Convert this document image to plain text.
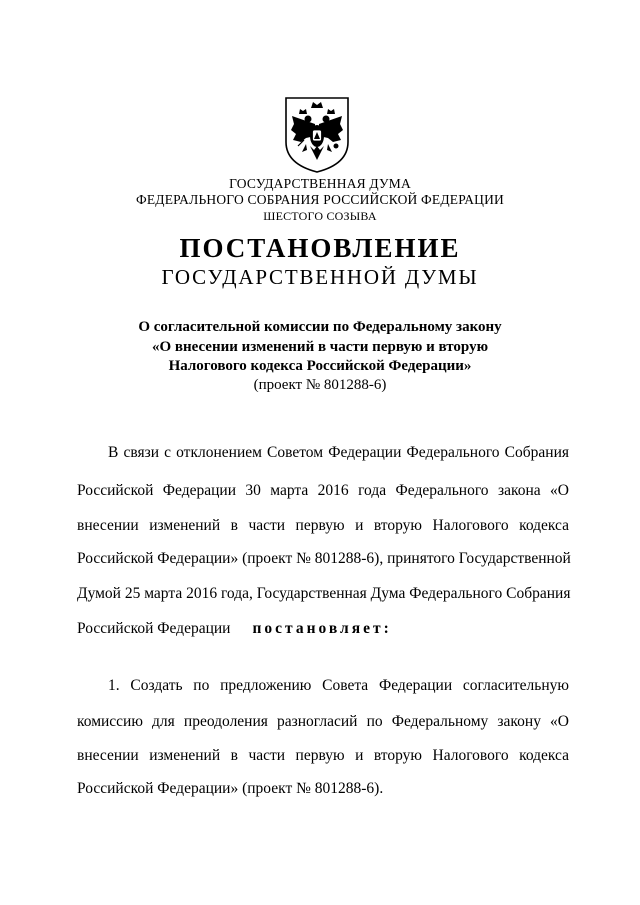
ГОСУДАРСТВЕННАЯ ДУМА
ФЕДЕРАЛЬНОГО СОБРАНИЯ РОССИЙСКОЙ ФЕДЕРАЦИИ
ШЕСТОГО СОЗЫВА
ПОСТАНОВЛЕНИЕ
ГОСУДАРСТВЕННОЙ ДУМЫ
О согласительной комиссии по Федеральному закону
«О внесении изменений в части первую и вторую
Налогового кодекса Российской Федерации»
(проект № 801288-6)
В связи с отклонением Советом Федерации Федерального Собрания
Российской Федерации 30 марта 2016 года Федерального закона «О
внесении изменений в части первую и вторую Налогового кодекса
Российской Федерации» (проект № 801288-6), принятого Государственной
Думой 25 марта 2016 года, Государственная Дума Федерального Собрания
Российской Федерации постановляет:
1. Создать по предложению Совета Федерации согласительную
комиссию для преодоления разногласий по Федеральному закону «О
внесении изменений в части первую и вторую Налогового кодекса
Российской Федерации» (проект № 801288-6).
